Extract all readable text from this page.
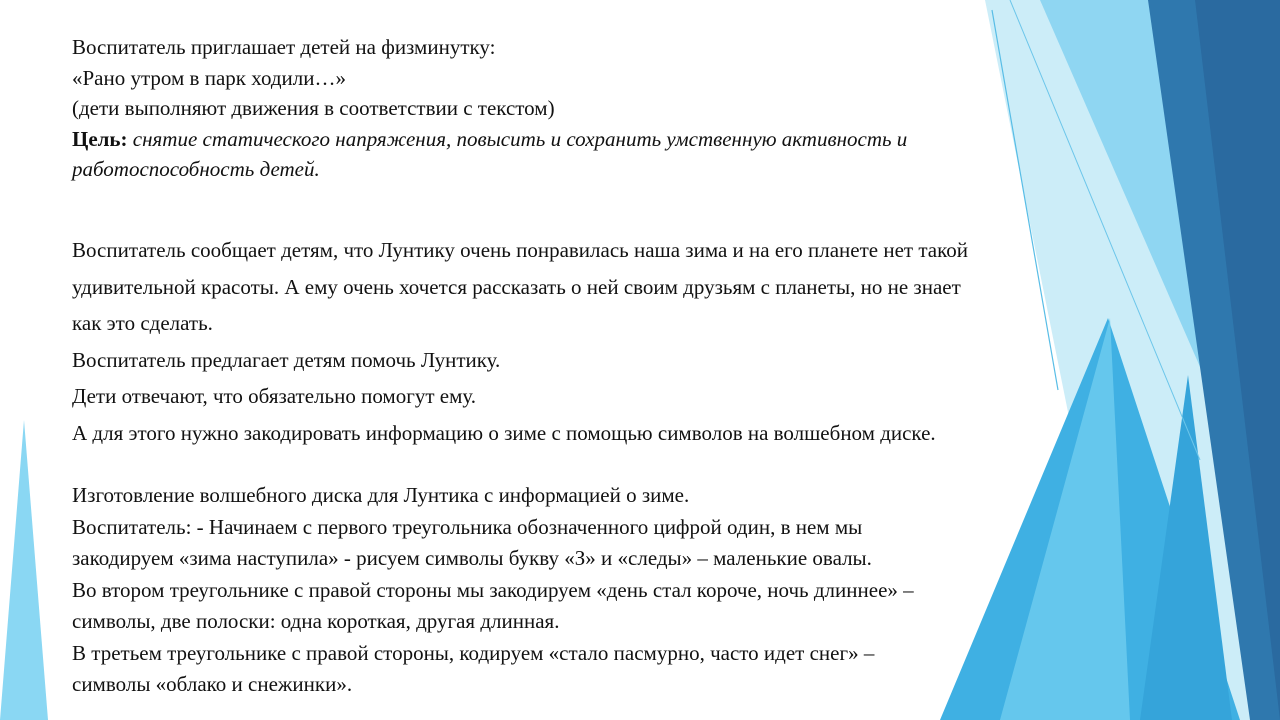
Воспитатель приглашает детей на физминутку:
«Рано утром в парк ходили…»
(дети выполняют движения в соответствии с текстом)
Цель: снятие статического напряжения, повысить и сохранить умственную активность и
работоспособность детей.
Воспитатель сообщает детям, что Лунтику очень понравилась наша зима и на его планете нет такой
удивительной красоты. А ему очень хочется рассказать о ней своим друзьям с планеты, но не знает
как это сделать.
Воспитатель предлагает детям помочь Лунтику.
Дети отвечают, что обязательно помогут ему.
А для этого нужно закодировать информацию о зиме с помощью символов на волшебном диске.
Изготовление волшебного диска для Лунтика с информацией о зиме.
Воспитатель: - Начинаем с первого треугольника обозначенного цифрой один, в нем мы
закодируем «зима наступила» - рисуем символы букву «З» и «следы» – маленькие овалы.
Во втором треугольнике с правой стороны мы закодируем «день стал короче, ночь длиннее» –
символы, две полоски: одна короткая, другая длинная.
В третьем треугольнике с правой стороны, кодируем «стало пасмурно, часто идет снег» –
символы «облако и снежинки».
